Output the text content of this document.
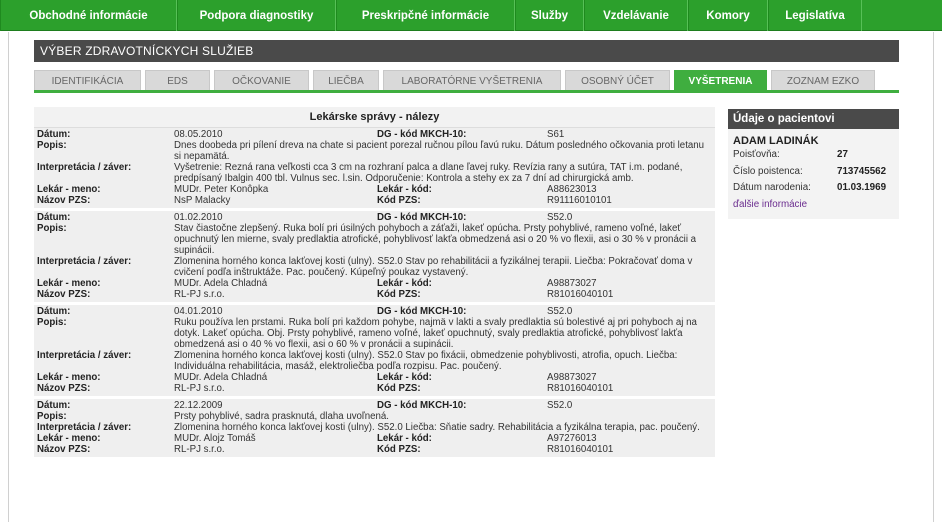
Obchodné informácie	Podpora diagnostiky	Preskripčné informácie	Služby	Vzdelávanie	Komory	Legislatíva
VÝBER ZDRAVOTNÍCKYCH SLUŽIEB
IDENTIFIKÁCIA	EDS	OČKOVANIE	LIEČBA	LABORATÓRNE VYŠETRENIA	OSOBNÝ ÚČET	VYŠETRENIA	ZOZNAM EZKO
Lekárske správy - nálezy
Dátum:	08.05.2010	DG - kód MKCH-10:	S61
Popis:	Dnes doobeda pri pílení dreva na chate si pacient porezal ručnou pílou ľavú ruku. Dátum posledného očkovania proti letanu si nepamätá.
Interpretácia / záver:	Vyšetrenie: Rezná rana veľkosti cca 3 cm na rozhraní palca a dlane ľavej ruky. Revízia rany a sutúra, TAT i.m. podané, predpísaný Ibalgin 400 tbl. Vulnus sec. l.sin. Odporučenie: Kontrola a stehy ex za 7 dní ad chirurgická amb.
Lekár - meno:	MUDr. Peter Konôpka	Lekár - kód:	A88623013
Názov PZS:	NsP Malacky	Kód PZS:	R91116010101
Dátum:	01.02.2010	DG - kód MKCH-10:	S52.0
Popis:	Stav čiastočne zlepšený. Ruka bolí pri úsilných pohyboch a záťaži, lakeť opúcha. Prsty pohyblivé, rameno voľné, lakeť opuchnutý len mierne, svaly predlaktia atrofické, pohyblivosť lakťa obmedzená asi o 20 % vo flexii, asi o 30 % v pronácii a supinácii.
Interpretácia / záver:	Zlomenina horného konca lakťovej kosti (ulny). S52.0 Stav po rehabilitácii a fyzikálnej terapii. Liečba: Pokračovať doma v cvičení podľa inštruktáže. Pac. poučený. Kúpeľný poukaz vystavený.
Lekár - meno:	MUDr. Adela Chladná	Lekár - kód:	A98873027
Názov PZS:	RL-PJ s.r.o.	Kód PZS:	R81016040101
Dátum:	04.01.2010	DG - kód MKCH-10:	S52.0
Popis:	Ruku používa len prstami. Ruka bolí pri každom pohybe, najmä v lakti a svaly predlaktia sú bolestivé aj pri pohyboch aj na dotyk. Lakeť opúcha. Obj. Prsty pohyblivé, rameno voľné, lakeť opuchnutý, svaly predlaktia atrofické, pohyblivosť lakťa obmedzená asi o 40 % vo flexii, asi o 60 % v pronácii a supinácii.
Interpretácia / záver:	Zlomenina horného konca lakťovej kosti (ulny). S52.0 Stav po fixácii, obmedzenie pohyblivosti, atrofia, opuch. Liečba: Individuálna rehabilitácia, masáž, elektroliečba podľa rozpisu. Pac. poučený.
Lekár - meno:	MUDr. Adela Chladná	Lekár - kód:	A98873027
Názov PZS:	RL-PJ s.r.o.	Kód PZS:	R81016040101
Dátum:	22.12.2009	DG - kód MKCH-10:	S52.0
Popis:	Prsty pohyblivé, sadra prasknutá, dlaha uvoľnená.
Interpretácia / záver:	Zlomenina horného konca lakťovej kosti (ulny). S52.0 Liečba: Sňatie sadry. Rehabilitácia a fyzikálna terapia, pac. poučený.
Lekár - meno:	MUDr. Alojz Tomáš	Lekár - kód:	A97276013
Názov PZS:	RL-PJ s.r.o.	Kód PZS:	R81016040101
Údaje o pacientovi
ADAM LADINÁK
Poisťovňa:	27
Číslo poistenca:	713745562
Dátum narodenia:	01.03.1969
ďalšie informácie
